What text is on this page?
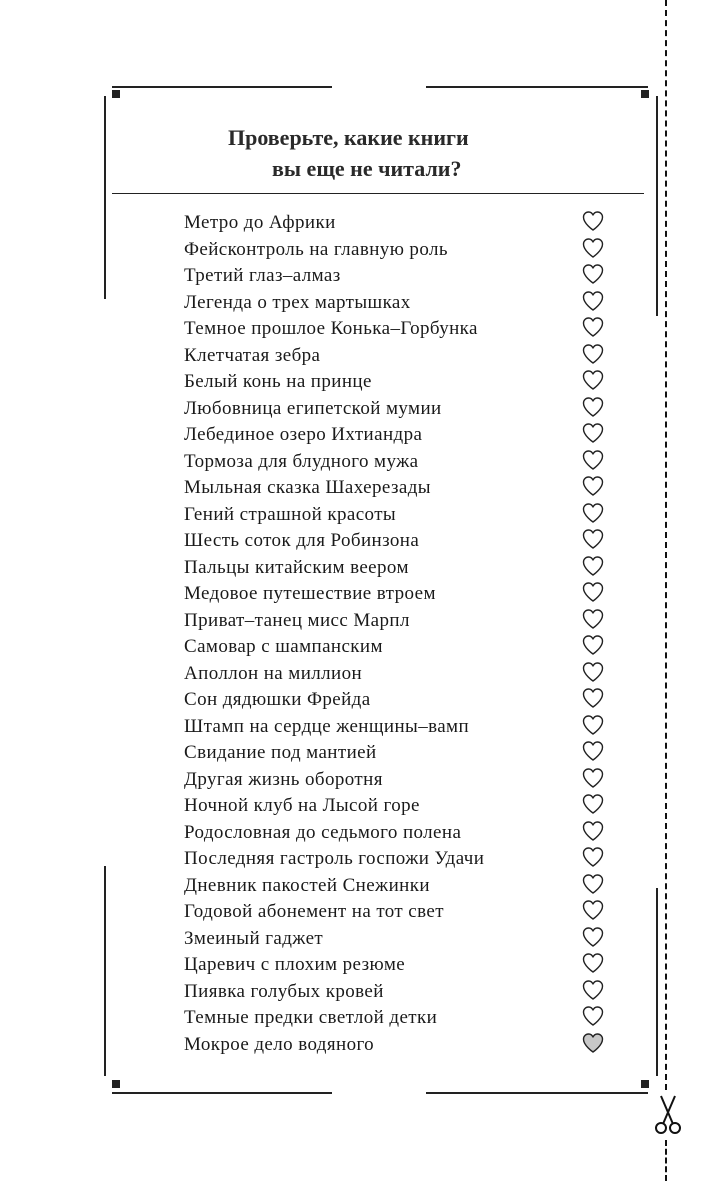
Проверьте, какие книги
вы еще не читали?
Метро до Африки
Фейсконтроль на главную роль
Третий глаз–алмаз
Легенда о трех мартышках
Темное прошлое Конька–Горбунка
Клетчатая зебра
Белый конь на принце
Любовница египетской мумии
Лебединое озеро Ихтиандра
Тормоза для блудного мужа
Мыльная сказка Шахерезады
Гений страшной красоты
Шесть соток для Робинзона
Пальцы китайским веером
Медовое путешествие втроем
Приват–танец мисс Марпл
Самовар с шампанским
Аполлон на миллион
Сон дядюшки Фрейда
Штамп на сердце женщины–вамп
Свидание под мантией
Другая жизнь оборотня
Ночной клуб на Лысой горе
Родословная до седьмого полена
Последняя гастроль госпожи Удачи
Дневник пакостей Снежинки
Годовой абонемент на тот свет
Змеиный гаджет
Царевич с плохим резюме
Пиявка голубых кровей
Темные предки светлой детки
Мокрое дело водяного
